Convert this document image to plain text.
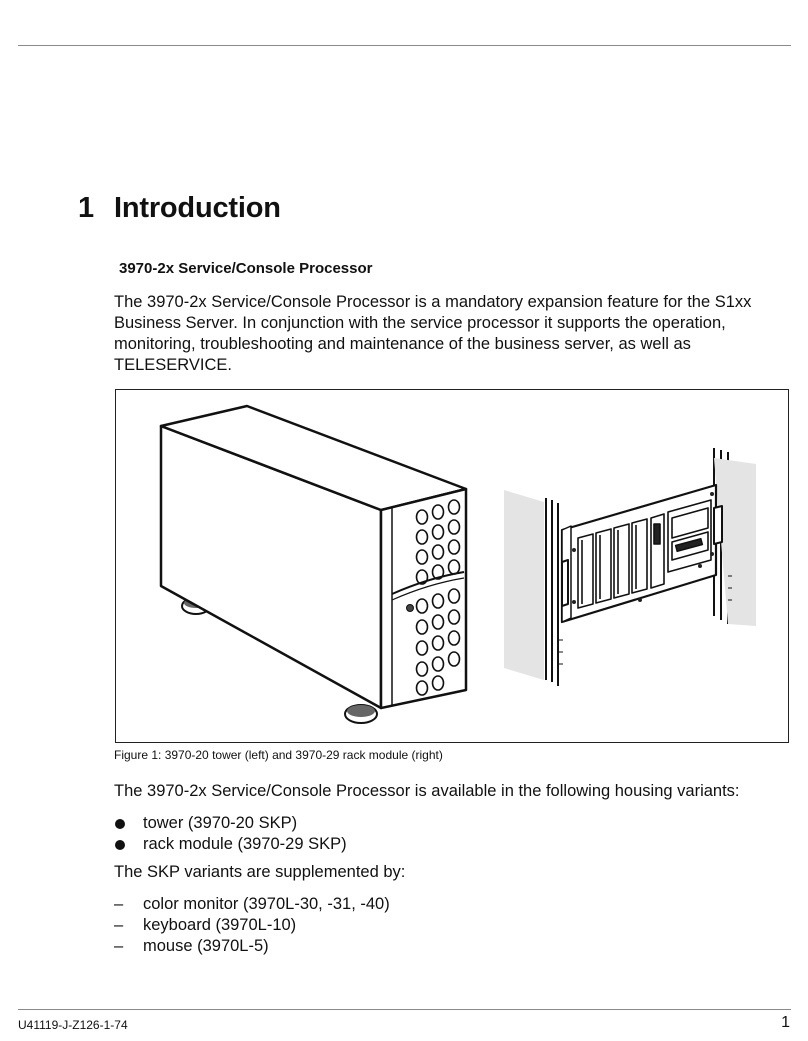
1 Introduction
3970-2x Service/Console Processor

The 3970-2x Service/Console Processor is a mandatory expansion feature for the S1xx Business Server. In conjunction with the service processor it supports the operation, monitoring, troubleshooting and maintenance of the business server, as well as TELESERVICE.

Figure 1: 3970-20 tower (left) and 3970-29 rack module (right)

The 3970-2x Service/Console Processor is available in the following housing variants:

tower (3970-20 SKP)
rack module (3970-29 SKP)

The SKP variants are supplemented by:

–	color monitor (3970L-30, -31, -40)
–	keyboard (3970L-10)
–	mouse (3970L-5)

U41119-J-Z126-1-74	1
